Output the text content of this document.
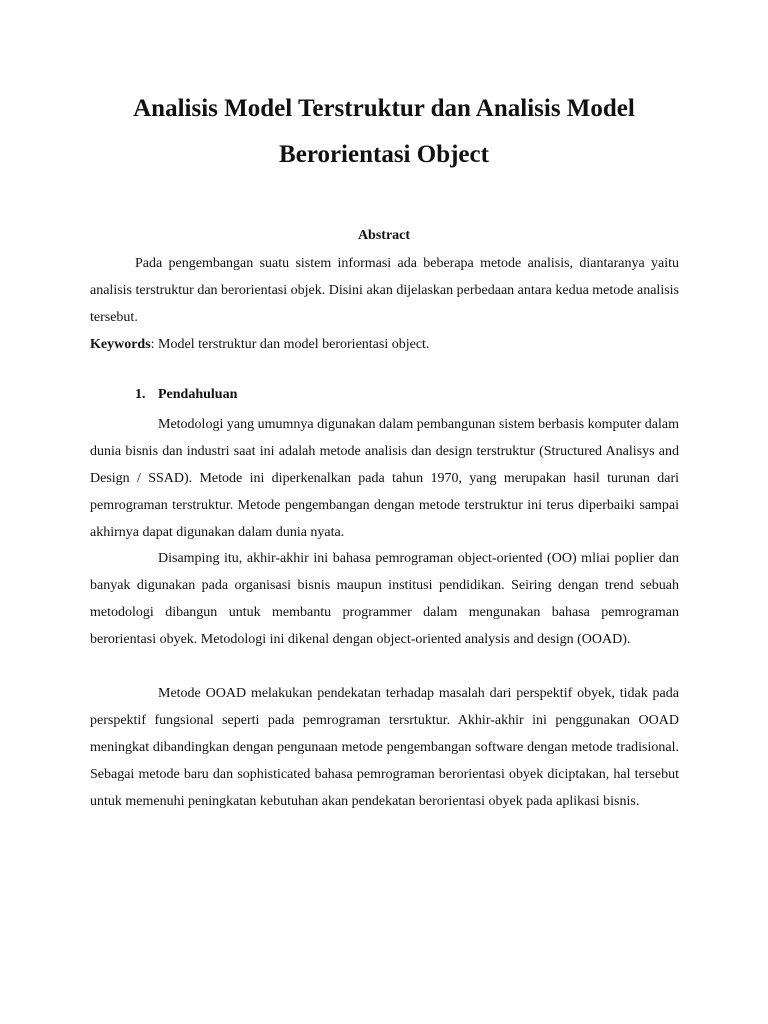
Analisis Model Terstruktur dan Analisis Model
Berorientasi Object
Abstract

Pada pengembangan suatu sistem informasi ada beberapa metode analisis, diantaranya yaitu analisis terstruktur dan berorientasi objek. Disini akan dijelaskan perbedaan antara kedua metode analisis tersebut.

Keywords: Model terstruktur dan model berorientasi object.

1. Pendahuluan

Metodologi yang umumnya digunakan dalam pembangunan sistem berbasis komputer dalam dunia bisnis dan industri saat ini adalah metode analisis dan design terstruktur (Structured Analisys and Design / SSAD). Metode ini diperkenalkan pada tahun 1970, yang merupakan hasil turunan dari pemrograman terstruktur. Metode pengembangan dengan metode terstruktur ini terus diperbaiki sampai akhirnya dapat digunakan dalam dunia nyata.

Disamping itu, akhir-akhir ini bahasa pemrograman object-oriented (OO) mliai poplier dan banyak digunakan pada organisasi bisnis maupun institusi pendidikan. Seiring dengan trend sebuah metodologi dibangun untuk membantu programmer dalam mengunakan bahasa pemrograman berorientasi obyek. Metodologi ini dikenal dengan object-oriented analysis and design (OOAD).

Metode OOAD melakukan pendekatan terhadap masalah dari perspektif obyek, tidak pada perspektif fungsional seperti pada pemrograman tersrtuktur. Akhir-akhir ini penggunakan OOAD meningkat dibandingkan dengan pengunaan metode pengembangan software dengan metode tradisional. Sebagai metode baru dan sophisticated bahasa pemrograman berorientasi obyek diciptakan, hal tersebut untuk memenuhi peningkatan kebutuhan akan pendekatan berorientasi obyek pada aplikasi bisnis.
